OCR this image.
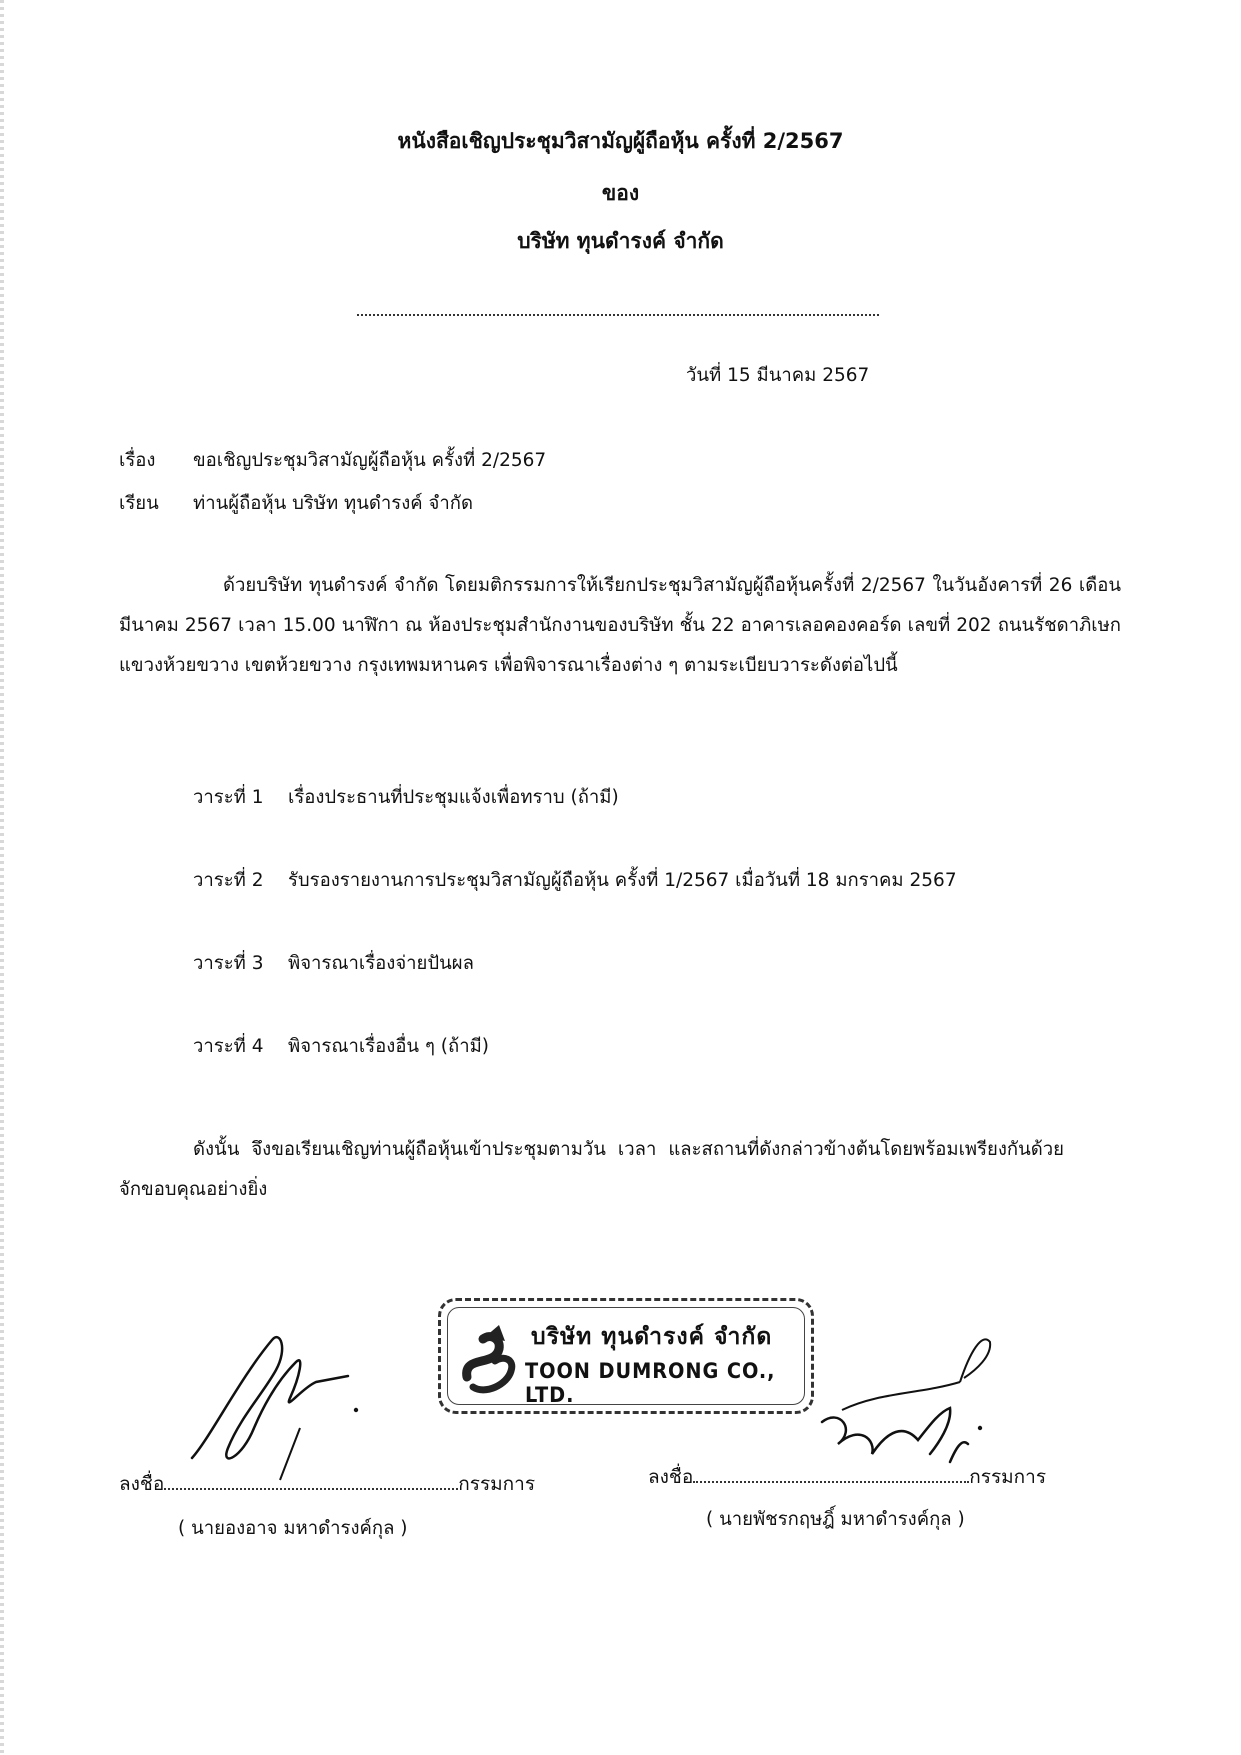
หนังสือเชิญประชุมวิสามัญผู้ถือหุ้น ครั้งที่ 2/2567
ของ
บริษัท ทุนดำรงค์ จำกัด
วันที่ 15 มีนาคม 2567
เรื่อง ขอเชิญประชุมวิสามัญผู้ถือหุ้น ครั้งที่ 2/2567
เรียน ท่านผู้ถือหุ้น บริษัท ทุนดำรงค์ จำกัด

ด้วยบริษัท ทุนดำรงค์ จำกัด โดยมติกรรมการให้เรียกประชุมวิสามัญผู้ถือหุ้นครั้งที่ 2/2567 ในวันอังคารที่ 26 เดือน มีนาคม 2567 เวลา 15.00 นาฬิกา ณ ห้องประชุมสำนักงานของบริษัท ชั้น 22 อาคารเลอคองคอร์ด เลขที่ 202 ถนนรัชดาภิเษก แขวงห้วยขวาง เขตห้วยขวาง กรุงเทพมหานคร เพื่อพิจารณาเรื่องต่าง ๆ ตามระเบียบวาระดังต่อไปนี้

วาระที่ 1 เรื่องประธานที่ประชุมแจ้งเพื่อทราบ (ถ้ามี)
วาระที่ 2 รับรองรายงานการประชุมวิสามัญผู้ถือหุ้น ครั้งที่ 1/2567 เมื่อวันที่ 18 มกราคม 2567
วาระที่ 3 พิจารณาเรื่องจ่ายปันผล
วาระที่ 4 พิจารณาเรื่องอื่น ๆ (ถ้ามี)

ดังนั้น จึงขอเรียนเชิญท่านผู้ถือหุ้นเข้าประชุมตามวัน เวลา และสถานที่ดังกล่าวข้างต้นโดยพร้อมเพรียงกันด้วย จักขอบคุณอย่างยิ่ง

บริษัท ทุนดำรงค์ จำกัด
TOON DUMRONG CO., LTD.
ลงชื่อ	กรรมการ	ลงชื่อ	กรรมการ
( นายองอาจ มหาดำรงค์กุล )	( นายพัชรกฤษฎิ์ มหาดำรงค์กุล )
